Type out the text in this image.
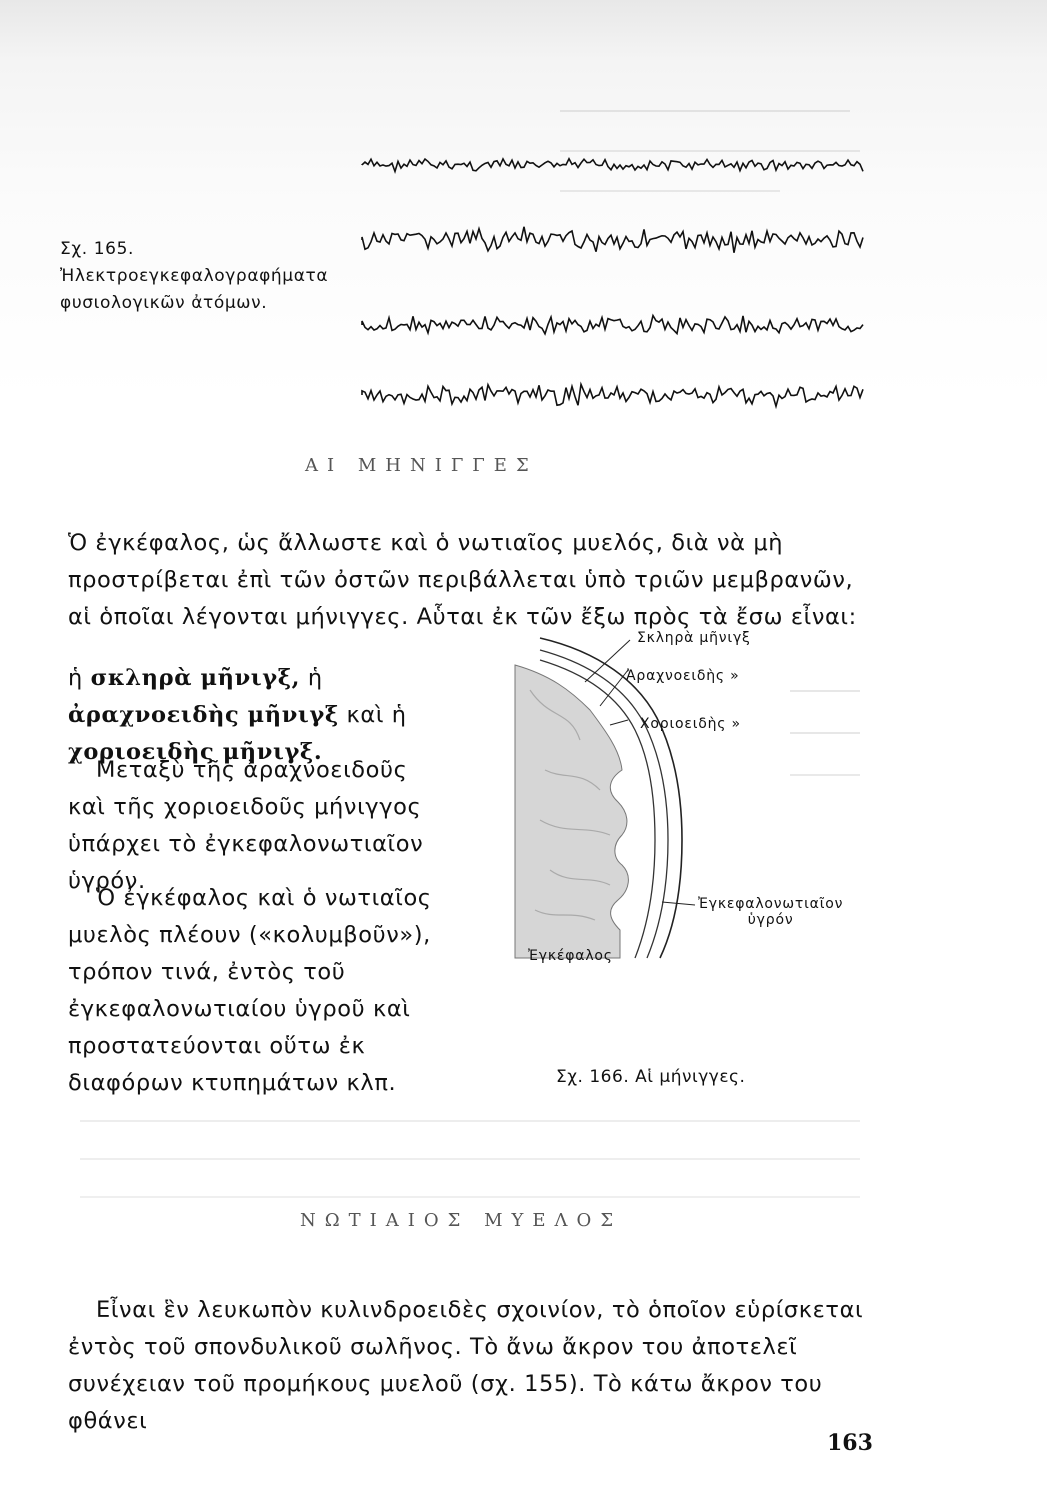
Σχ. 165. Ἠλεκτροεγκεφαλογραφήματα φυσιολογικῶν ἀτόμων.
ΑΙ ΜΗΝΙΓΓΕΣ
Ὁ ἐγκέφαλος, ὡς ἄλλωστε καὶ ὁ νωτιαῖος μυελός, διὰ νὰ μὴ προστρίβεται ἐπὶ τῶν ὀστῶν περιβάλλεται ὑπὸ τριῶν μεμβρανῶν, αἱ ὁποῖαι λέγονται μήνιγγες. Αὗται ἐκ τῶν ἔξω πρὸς τὰ ἔσω εἶναι:
ἡ σκληρὰ μῆνιγξ, ἡ ἀραχνοειδὴς μῆνιγξ καὶ ἡ χοριοειδὴς μῆνιγξ.
Μεταξὺ τῆς ἀραχνοειδοῦς καὶ τῆς χοριοειδοῦς μήνιγγος ὑπάρχει τὸ ἐγκεφαλονωτιαῖον ὑγρόν.
Ὁ ἐγκέφαλος καὶ ὁ νωτιαῖος μυελὸς πλέουν («κολυμβοῦν»), τρόπον τινά, ἐντὸς τοῦ ἐγκεφαλονωτιαίου ὑγροῦ καὶ προστατεύονται οὕτω ἐκ διαφόρων κτυπημάτων κλπ.
Σκληρὰ μῆνιγξ
Ἀραχνοειδὴς »
Χοριοειδὴς »
Ἐγκεφαλονωτιαῖον
ὑγρόν
Ἐγκέφαλος
Σχ. 166. Αἱ μήνιγγες.
ΝΩΤΙΑΙΟΣ ΜΥΕΛΟΣ
Εἶναι ἓν λευκωπὸν κυλινδροειδὲς σχοινίον, τὸ ὁποῖον εὑρίσκεται ἐντὸς τοῦ σπονδυλικοῦ σωλῆνος. Τὸ ἄνω ἄκρον του ἀποτελεῖ συνέχειαν τοῦ προμήκους μυελοῦ (σχ. 155). Τὸ κάτω ἄκρον του φθάνει
163
